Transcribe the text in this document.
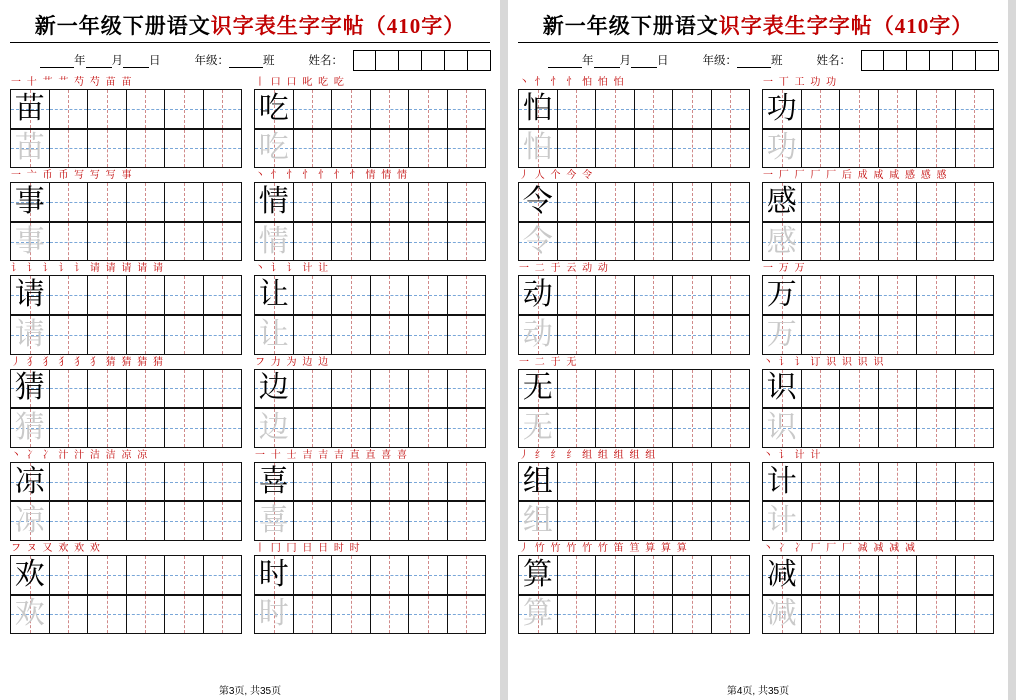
新一年级下册语文识字表生字字帖（410字）
年 月 日	年级：	班	姓名：
一 十 艹 艹 芍 芍 苗 苗
苗
苗
丨 口 口 叱 吃 吃
吃
吃
一 亠 币 币 写 写 写 事
事
事
丶 忄 忄 忄 忄 忄 忄 情 情 情
情
情
讠 讠 讠 讠 讠 请 请 请 请 请
请
请
丶 讠 讠 计 让
让
让
丿 犭 犭 犭 犭 犭 猜 猜 猜 猜
猜
猜
フ 力 为 边 边
边
边
丶 冫 冫 汁 汁 洁 洁 凉 凉
凉
凉
一 十 士 吉 吉 吉 直 直 喜 喜
喜
喜
フ ヌ 又 欢 欢 欢
欢
欢
丨 冂 冂 日 日 时 时
时
时
第3页, 共35页
新一年级下册语文识字表生字字帖（410字）
年 月 日	年级：	班	姓名：
丶 忄 忄 忄 怕 怕 怕
怕
怕
一 丅 工 功 功
功
功
丿 人 个 今 令
令
令
一 厂 厂 厂 厂 后 成 咸 咸 感 感 感
感
感
一 二 于 云 动 动
动
动
一 万 万
万
万
一 二 于 无
无
无
丶 讠 讠 订 识 识 识 识
识
识
丿 纟 纟 纟 组 组 组 组 组
组
组
丶 讠 计 计
计
计
丿 竹 竹 竹 竹 竹 笛 笪 算 算 算
算
算
丶 冫 冫 厂 厂 厂 减 减 减 减
减
减
第4页, 共35页
